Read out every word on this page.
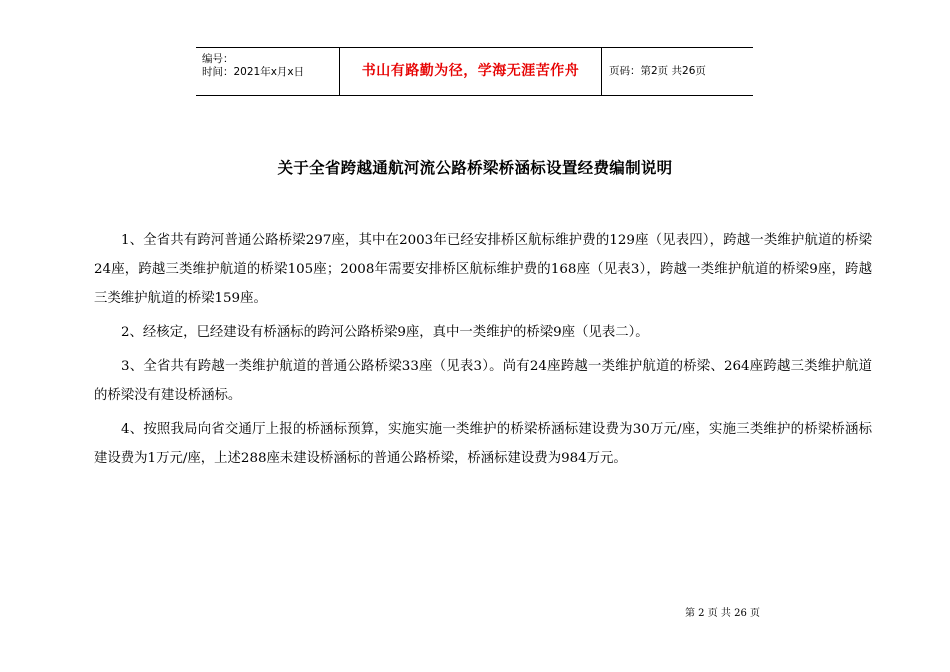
编号：
时间：2021年x月x日	书山有路勤为径，学海无涯苦作舟	页码：第2页 共26页
关于全省跨越通航河流公路桥梁桥涵标设置经费编制说明

1、全省共有跨河普通公路桥梁297座，其中在2003年已经安排桥区航标维护费的129座（见表四），跨越一类维护航道的桥梁24座，跨越三类维护航道的桥梁105座；2008年需要安排桥区航标维护费的168座（见表3），跨越一类维护航道的桥梁9座，跨越三类维护航道的桥梁159座。

2、经核定，巳经建设有桥涵标的跨河公路桥梁9座，真中一类维护的桥梁9座（见表二）。

3、全省共有跨越一类维护航道的普通公路桥梁33座（见表3）。尚有24座跨越一类维护航道的桥梁、264座跨越三类维护航道的桥梁没有建设桥涵标。

4、按照我局向省交通厅上报的桥涵标预算，实施实施一类维护的桥梁桥涵标建设费为30万元/座，实施三类维护的桥梁桥涵标建设费为1万元/座，上述288座未建设桥涵标的普通公路桥梁，桥涵标建设费为984万元。

第 2 页 共 26 页
